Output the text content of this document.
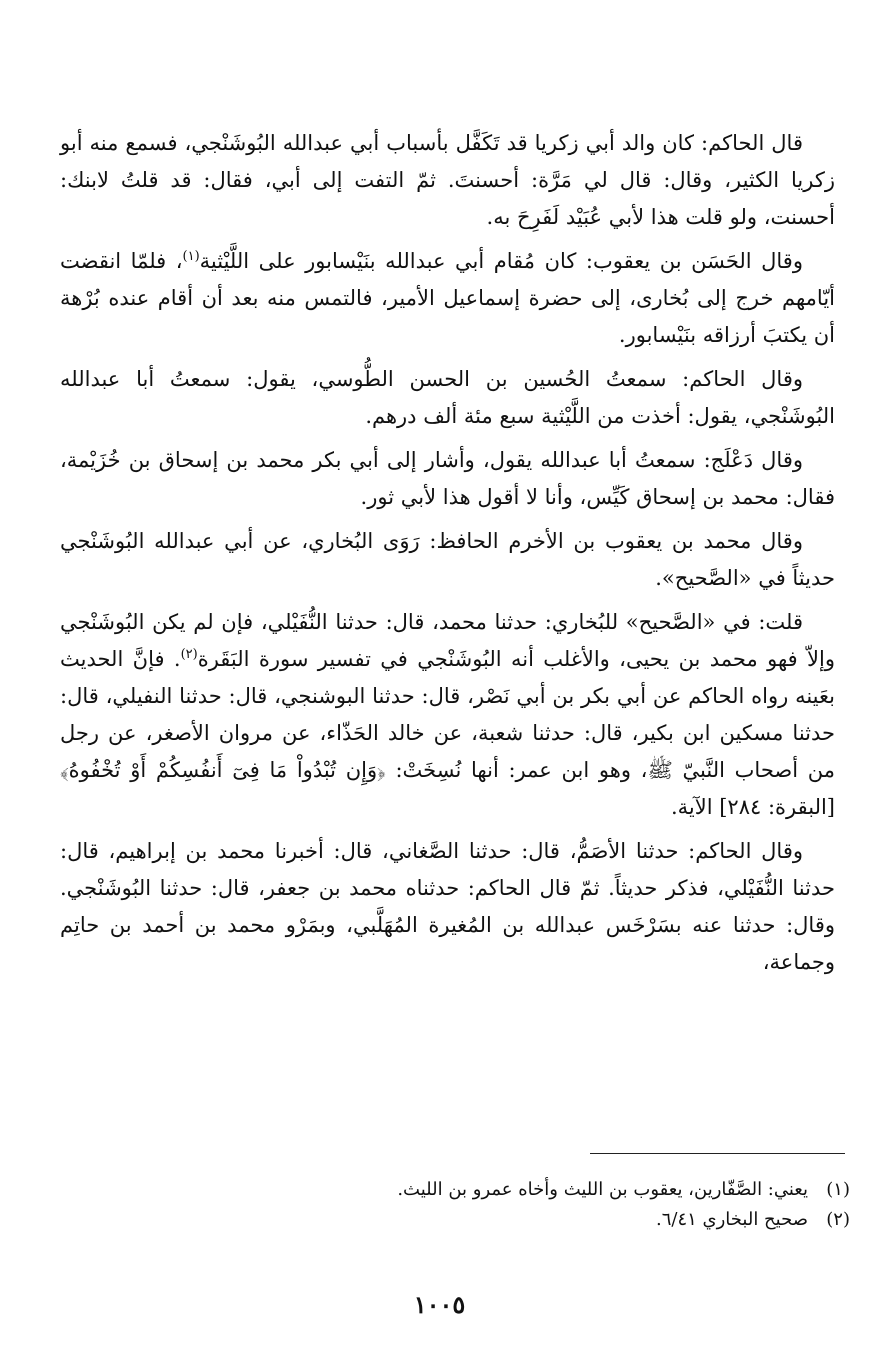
قال الحاكم: كان والد أبي زكريا قد تَكَفَّل بأسباب أبي عبدالله البُوشَنْجي، فسمع منه أبو زكريا الكثير، وقال: قال لي مَرَّة: أحسنتَ. ثمّ التفت إلى أبي، فقال: قد قلتُ لابنك: أحسنت، ولو قلت هذا لأبي عُبَيْد لَفَرِحَ به.

وقال الحَسَن بن يعقوب: كان مُقام أبي عبدالله بنَيْسابور على اللَّيْثية$^{(١)}$، فلمّا انقضت أيّامهم خرج إلى بُخارى، إلى حضرة إسماعيل الأمير، فالتمس منه بعد أن أقام عنده بُرْهة أن يكتبَ أرزاقه بنَيْسابور.

وقال الحاكم: سمعتُ الحُسين بن الحسن الطُّوسي، يقول: سمعتُ أبا عبدالله البُوشَنْجي، يقول: أخذت من اللَّيْثية سبع مئة ألف درهم.

وقال دَعْلَج: سمعتُ أبا عبدالله يقول، وأشار إلى أبي بكر محمد بن إسحاق بن خُزَيْمة، فقال: محمد بن إسحاق كَيِّس، وأنا لا أقول هذا لأبي ثور.

وقال محمد بن يعقوب بن الأخرم الحافظ: رَوَى البُخاري، عن أبي عبدالله البُوشَنْجي حديثاً في «الصَّحيح».

قلت: في «الصَّحيح» للبُخاري: حدثنا محمد، قال: حدثنا النُّفَيْلي، فإن لم يكن البُوشَنْجي وإلاّ فهو محمد بن يحيى، والأغلب أنه البُوشَنْجي في تفسير سورة البَقَرة$^{(٢)}$. فإنَّ الحديث بعَينه رواه الحاكم عن أبي بكر بن أبي نَصْر، قال: حدثنا البوشنجي، قال: حدثنا النفيلي، قال: حدثنا مسكين ابن بكير، قال: حدثنا شعبة، عن خالد الحَذّاء، عن مروان الأصغر، عن رجل من أصحاب النَّبيّ ﷺ، وهو ابن عمر: أنها نُسِخَتْ: ﴿وَإِن تُبْدُواْ مَا فِىٓ أَنفُسِكُمْ أَوْ تُخْفُوهُ﴾ [البقرة: ٢٨٤] الآية.

وقال الحاكم: حدثنا الأصَمُّ، قال: حدثنا الصَّغاني، قال: أخبرنا محمد بن إبراهيم، قال: حدثنا النُّفَيْلي، فذكر حديثاً. ثمّ قال الحاكم: حدثناه محمد بن جعفر، قال: حدثنا البُوشَنْجي. وقال: حدثنا عنه بسَرْخَس عبدالله بن المُغيرة المُهَلَّبي، وبمَرْو محمد بن أحمد بن حاتِم وجماعة،

(١)
يعني: الصَّفّارين، يعقوب بن الليث وأخاه عمرو بن الليث.
(٢)
صحيح البخاري ٦/٤١.
١٠٠٥
